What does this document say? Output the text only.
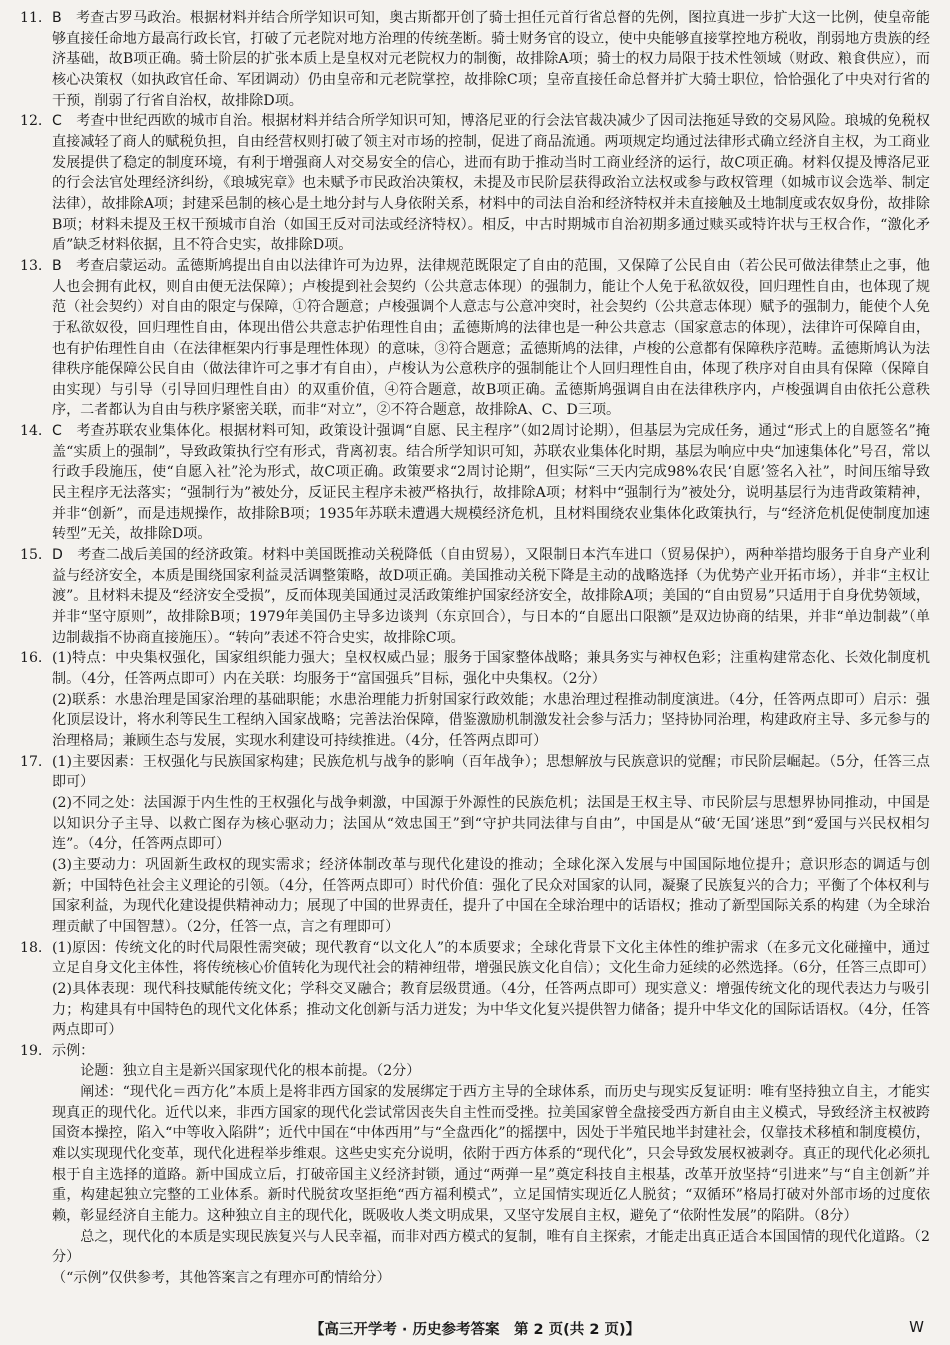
11. B　考查古罗马政治。根据材料并结合所学知识可知，奥古斯都开创了骑士担任元首行省总督的先例，图拉真进一步扩大这一比例，使皇帝能够直接任命地方最高行政长官，打破了元老院对地方治理的传统垄断。骑士财务官的设立，使中央能够直接掌控地方税收，削弱地方贵族的经济基础，故B项正确。骑士阶层的扩张本质上是皇权对元老院权力的制衡，故排除A项；骑士的权力局限于技术性领域（财政、粮食供应），而核心决策权（如执政官任命、军团调动）仍由皇帝和元老院掌控，故排除C项；皇帝直接任命总督并扩大骑士职位，恰恰强化了中央对行省的干预，削弱了行省自治权，故排除D项。

12. C　考查中世纪西欧的城市自治。根据材料并结合所学知识可知，博洛尼亚的行会法官裁决减少了因司法拖延导致的交易风险。琅城的免税权直接减轻了商人的赋税负担，自由经营权则打破了领主对市场的控制，促进了商品流通。两项规定均通过法律形式确立经济自主权，为工商业发展提供了稳定的制度环境，有利于增强商人对交易安全的信心，进而有助于推动当时工商业经济的运行，故C项正确。材料仅提及博洛尼亚的行会法官处理经济纠纷，《琅城宪章》也未赋予市民政治决策权，未提及市民阶层获得政治立法权或参与政权管理（如城市议会选举、制定法律），故排除A项；封建采邑制的核心是土地分封与人身依附关系，材料中的司法自治和经济特权并未直接触及土地制度或农奴身份，故排除B项；材料未提及王权干预城市自治（如国王反对司法或经济特权）。相反，中古时期城市自治初期多通过赎买或特许状与王权合作，“激化矛盾”缺乏材料依据，且不符合史实，故排除D项。

13. B　考查启蒙运动。孟德斯鸠提出自由以法律许可为边界，法律规范既限定了自由的范围，又保障了公民自由（若公民可做法律禁止之事，他人也会拥有此权，则自由便无法保障）；卢梭提到社会契约（公共意志体现）的强制力，能让个人免于私欲奴役，回归理性自由，也体现了规范（社会契约）对自由的限定与保障，①符合题意；卢梭强调个人意志与公意冲突时，社会契约（公共意志体现）赋予的强制力，能使个人免于私欲奴役，回归理性自由，体现出借公共意志护佑理性自由；孟德斯鸠的法律也是一种公共意志（国家意志的体现），法律许可保障自由，也有护佑理性自由（在法律框架内行事是理性体现）的意味，③符合题意；孟德斯鸠的法律，卢梭的公意都有保障秩序范畴。孟德斯鸠认为法律秩序能保障公民自由（做法律许可之事才有自由），卢梭认为公意秩序的强制能让个人回归理性自由，体现了秩序对自由具有保障（保障自由实现）与引导（引导回归理性自由）的双重价值，④符合题意，故B项正确。孟德斯鸠强调自由在法律秩序内，卢梭强调自由依托公意秩序，二者都认为自由与秩序紧密关联，而非“对立”，②不符合题意，故排除A、C、D三项。

14. C　考查苏联农业集体化。根据材料可知，政策设计强调“自愿、民主程序”（如2周讨论期），但基层为完成任务，通过“形式上的自愿签名”掩盖“实质上的强制”，导致政策执行空有形式，背离初衷。结合所学知识可知，苏联农业集体化时期，基层为响应中央“加速集体化”号召，常以行政手段施压，使“自愿入社”沦为形式，故C项正确。政策要求“2周讨论期”，但实际“三天内完成98%农民‘自愿’签名入社”，时间压缩导致民主程序无法落实；“强制行为”被处分，反证民主程序未被严格执行，故排除A项；材料中“强制行为”被处分，说明基层行为违背政策精神，并非“创新”，而是违规操作，故排除B项；1935年苏联未遭遇大规模经济危机，且材料围绕农业集体化政策执行，与“经济危机促使制度加速转型”无关，故排除D项。

15. D　考查二战后美国的经济政策。材料中美国既推动关税降低（自由贸易），又限制日本汽车进口（贸易保护），两种举措均服务于自身产业利益与经济安全，本质是围绕国家利益灵活调整策略，故D项正确。美国推动关税下降是主动的战略选择（为优势产业开拓市场），并非“主权让渡”。且材料未提及“经济安全受损”，反而体现美国通过灵活政策维护国家经济安全，故排除A项；美国的“自由贸易”只适用于自身优势领域，并非“坚守原则”，故排除B项；1979年美国仍主导多边谈判（东京回合），与日本的“自愿出口限额”是双边协商的结果，并非“单边制裁”（单边制裁指不协商直接施压）。“转向”表述不符合史实，故排除C项。

16. (1)特点：中央集权强化，国家组织能力强大；皇权权威凸显；服务于国家整体战略；兼具务实与神权色彩；注重构建常态化、长效化制度机制。（4分，任答两点即可）内在关联：均服务于“富国强兵”目标，强化中央集权。（2分）

(2)联系：水患治理是国家治理的基础职能；水患治理能力折射国家行政效能；水患治理过程推动制度演进。（4分，任答两点即可）启示：强化顶层设计，将水利等民生工程纳入国家战略；完善法治保障，借鉴激励机制激发社会参与活力；坚持协同治理，构建政府主导、多元参与的治理格局；兼顾生态与发展，实现水利建设可持续推进。（4分，任答两点即可）

17. (1)主要因素：王权强化与民族国家构建；民族危机与战争的影响（百年战争）；思想解放与民族意识的觉醒；市民阶层崛起。（5分，任答三点即可）

(2)不同之处：法国源于内生性的王权强化与战争刺激，中国源于外源性的民族危机；法国是王权主导、市民阶层与思想界协同推动，中国是以知识分子主导、以救亡图存为核心驱动力；法国从“效忠国王”到“守护共同法律与自由”，中国是从“破‘无国’迷思”到“爱国与兴民权相匀连”。（4分，任答两点即可）

(3)主要动力：巩固新生政权的现实需求；经济体制改革与现代化建设的推动；全球化深入发展与中国国际地位提升；意识形态的调适与创新；中国特色社会主义理论的引领。（4分，任答两点即可）时代价值：强化了民众对国家的认同，凝聚了民族复兴的合力；平衡了个体权利与国家利益，为现代化建设提供精神动力；展现了中国的世界责任，提升了中国在全球治理中的话语权；推动了新型国际关系的构建（为全球治理贡献了中国智慧）。（2分，任答一点，言之有理即可）

18. (1)原因：传统文化的时代局限性需突破；现代教育“以文化人”的本质要求；全球化背景下文化主体性的维护需求（在多元文化碰撞中，通过立足自身文化主体性，将传统核心价值转化为现代社会的精神纽带，增强民族文化自信）；文化生命力延续的必然选择。（6分，任答三点即可）

(2)具体表现：现代科技赋能传统文化；学科交叉融合；教育层级贯通。（4分，任答两点即可）现实意义：增强传统文化的现代表达力与吸引力；构建具有中国特色的现代文化体系；推动文化创新与活力迸发；为中华文化复兴提供智力储备；提升中华文化的国际话语权。（4分，任答两点即可）

19. 示例：

论题：独立自主是新兴国家现代化的根本前提。（2分）

阐述：“现代化＝西方化”本质上是将非西方国家的发展绑定于西方主导的全球体系，而历史与现实反复证明：唯有坚持独立自主，才能实现真正的现代化。近代以来，非西方国家的现代化尝试常因丧失自主性而受挫。拉美国家曾全盘接受西方新自由主义模式，导致经济主权被跨国资本操控，陷入“中等收入陷阱”；近代中国在“中体西用”与“全盘西化”的摇摆中，因处于半殖民地半封建社会，仅靠技术移植和制度模仿，难以实现现代化变革，现代化进程举步维艰。这些史实充分说明，依附于西方体系的“现代化”，只会导致发展权被剥夺。真正的现代化必须扎根于自主选择的道路。新中国成立后，打破帝国主义经济封锁，通过“两弹一星”奠定科技自主根基，改革开放坚持“引进来”与“自主创新”并重，构建起独立完整的工业体系。新时代脱贫攻坚拒绝“西方福利模式”，立足国情实现近亿人脱贫；“双循环”格局打破对外部市场的过度依赖，彰显经济自主能力。这种独立自主的现代化，既吸收人类文明成果，又坚守发展自主权，避免了“依附性发展”的陷阱。（8分）

总之，现代化的本质是实现民族复兴与人民幸福，而非对西方模式的复制，唯有自主探索，才能走出真正适合本国国情的现代化道路。（2分）

（“示例”仅供参考，其他答案言之有理亦可酌情给分）

【高三开学考 · 历史参考答案　第 2 页(共 2 页)】	W
